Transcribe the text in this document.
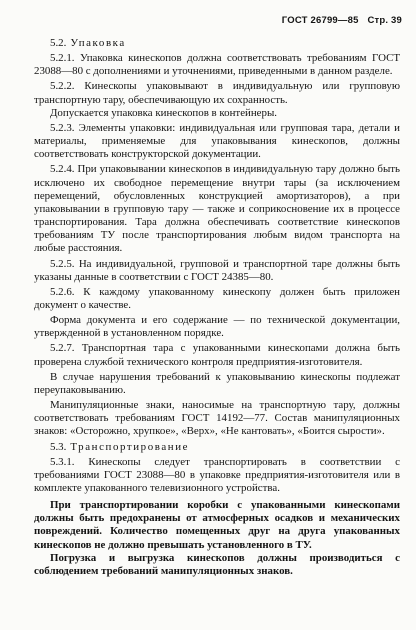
ГОСТ 26799—85 Стр. 39

5.2. Упаковка

5.2.1. Упаковка кинескопов должна соответствовать требованиям ГОСТ 23088—80 с дополнениями и уточнениями, приведенными в данном разделе.

5.2.2. Кинескопы упаковывают в индивидуальную или групповую транспортную тару, обеспечивающую их сохранность.

Допускается упаковка кинескопов в контейнеры.

5.2.3. Элементы упаковки: индивидуальная или групповая тара, детали и материалы, применяемые для упаковывания кинескопов, должны соответствовать конструкторской документации.

5.2.4. При упаковывании кинескопов в индивидуальную тару должно быть исключено их свободное перемещение внутри тары (за исключением перемещений, обусловленных конструкцией амортизаторов), а при упаковывании в групповую тару — также и соприкосновение их в процессе транспортирования. Тара должна обеспечивать соответствие кинескопов требованиям ТУ после транспортирования любым видом транспорта на любые расстояния.

5.2.5. На индивидуальной, групповой и транспортной таре должны быть указаны данные в соответствии с ГОСТ 24385—80.

5.2.6. К каждому упакованному кинескопу должен быть приложен документ о качестве.

Форма документа и его содержание — по технической документации, утвержденной в установленном порядке.

5.2.7. Транспортная тара с упакованными кинескопами должна быть проверена службой технического контроля предприятия-изготовителя.

В случае нарушения требований к упаковыванию кинескопы подлежат переупаковыванию.

Манипуляционные знаки, наносимые на транспортную тару, должны соответствовать требованиям ГОСТ 14192—77. Состав манипуляционных знаков: «Осторожно, хрупкое», «Верх», «Не кантовать», «Боится сырости».

5.3. Транспортирование

5.3.1. Кинескопы следует транспортировать в соответствии с требованиями ГОСТ 23088—80 в упаковке предприятия-изготовителя или в комплекте упакованного телевизионного устройства.

При транспортировании коробки с упакованными кинескопами должны быть предохранены от атмосферных осадков и механических повреждений. Количество помещенных друг на друга упакованных кинескопов не должно превышать установленного в ТУ.

Погрузка и выгрузка кинескопов должны производиться с соблюдением требований манипуляционных знаков.
